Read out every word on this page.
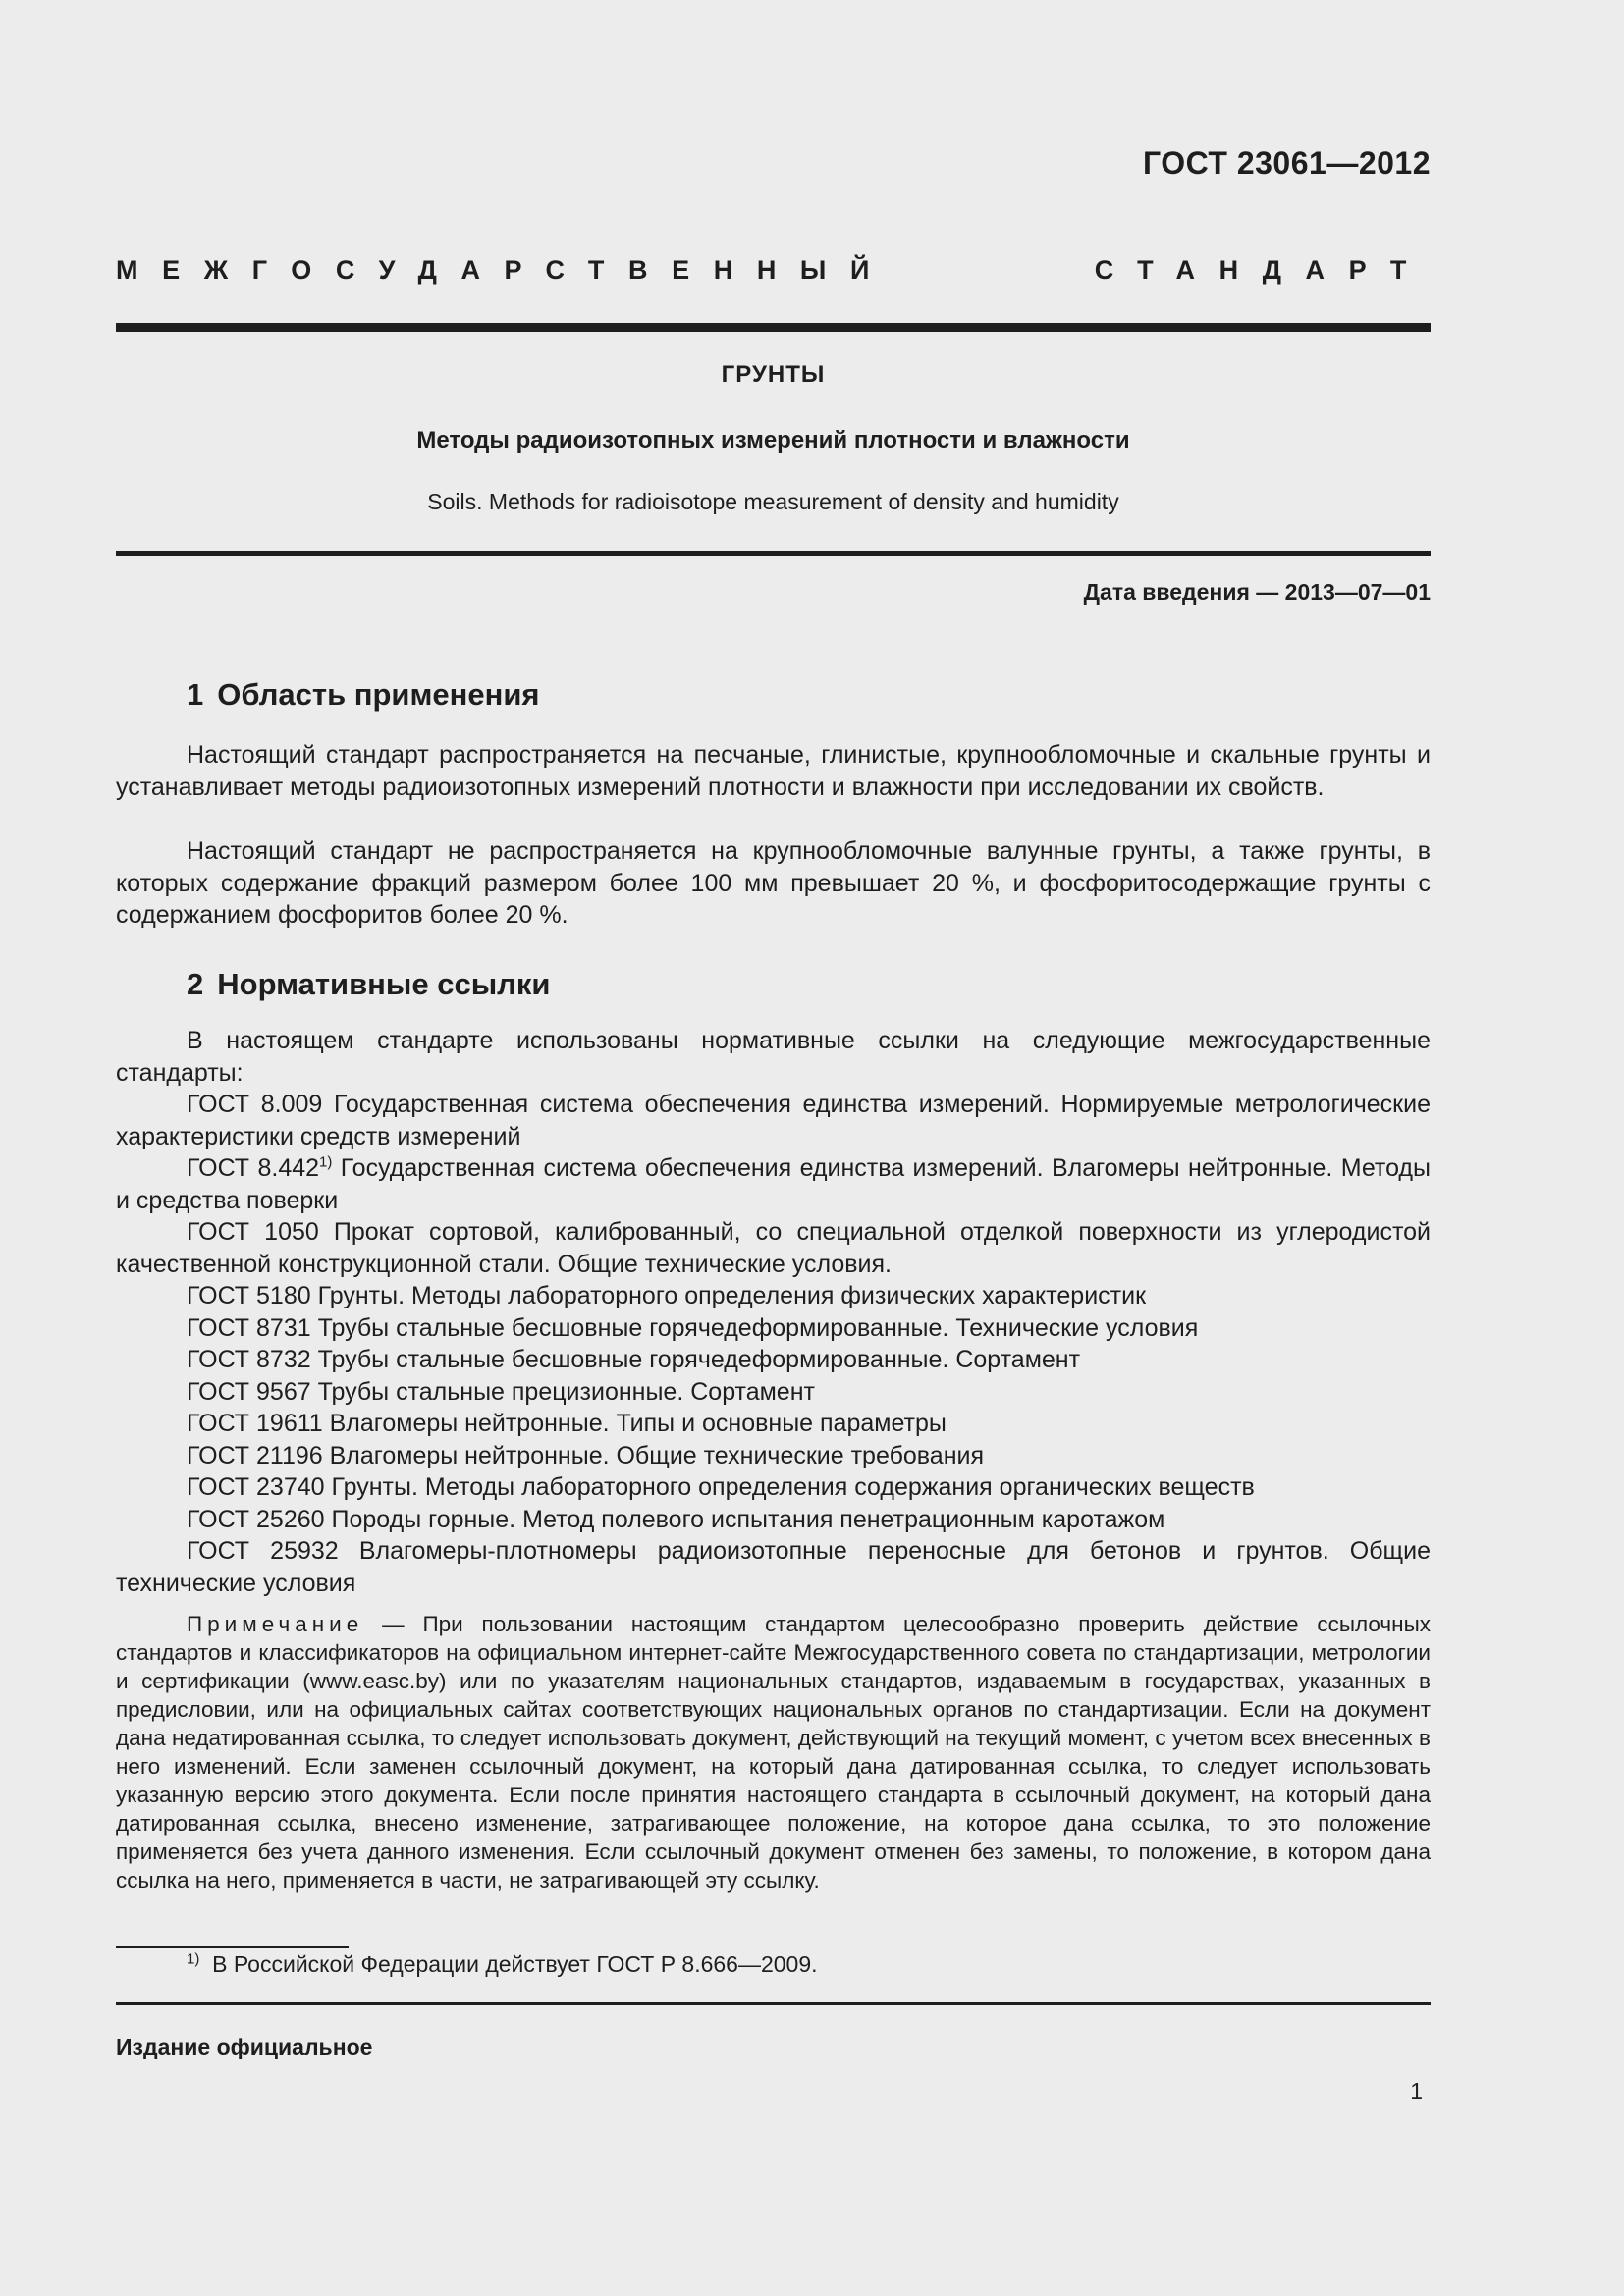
ГОСТ 23061—2012
МЕЖГОСУДАРСТВЕННЫЙ СТАНДАРТ
ГРУНТЫ
Методы радиоизотопных измерений плотности и влажности
Soils. Methods for radioisotope measurement of density and humidity
Дата введения — 2013—07—01
1 Область применения
Настоящий стандарт распространяется на песчаные, глинистые, крупнообломочные и скальные грунты и устанавливает методы радиоизотопных измерений плотности и влажности при исследовании их свойств.
Настоящий стандарт не распространяется на крупнообломочные валунные грунты, а также грунты, в которых содержание фракций размером более 100 мм превышает 20 %, и фосфоритосодержащие грунты с содержанием фосфоритов более 20 %.
2 Нормативные ссылки

В настоящем стандарте использованы нормативные ссылки на следующие межгосударственные стандарты:

ГОСТ 8.009 Государственная система обеспечения единства измерений. Нормируемые метрологические характеристики средств измерений

ГОСТ 8.442$^{1)}$ Государственная система обеспечения единства измерений. Влагомеры нейтронные. Методы и средства поверки

ГОСТ 1050 Прокат сортовой, калиброванный, со специальной отделкой поверхности из углеродистой качественной конструкционной стали. Общие технические условия.

ГОСТ 5180 Грунты. Методы лабораторного определения физических характеристик

ГОСТ 8731 Трубы стальные бесшовные горячедеформированные. Технические условия

ГОСТ 8732 Трубы стальные бесшовные горячедеформированные. Сортамент

ГОСТ 9567 Трубы стальные прецизионные. Сортамент

ГОСТ 19611 Влагомеры нейтронные. Типы и основные параметры

ГОСТ 21196 Влагомеры нейтронные. Общие технические требования

ГОСТ 23740 Грунты. Методы лабораторного определения содержания органических веществ

ГОСТ 25260 Породы горные. Метод полевого испытания пенетрационным каротажом

ГОСТ 25932 Влагомеры-плотномеры радиоизотопные переносные для бетонов и грунтов. Общие технические условия

Примечание — При пользовании настоящим стандартом целесообразно проверить действие ссылочных стандартов и классификаторов на официальном интернет-сайте Межгосударственного совета по стандартизации, метрологии и сертификации (www.easc.by) или по указателям национальных стандартов, издаваемым в государствах, указанных в предисловии, или на официальных сайтах соответствующих национальных органов по стандартизации. Если на документ дана недатированная ссылка, то следует использовать документ, действующий на текущий момент, с учетом всех внесенных в него изменений. Если заменен ссылочный документ, на который дана датированная ссылка, то следует использовать указанную версию этого документа. Если после принятия настоящего стандарта в ссылочный документ, на который дана датированная ссылка, внесено изменение, затрагивающее положение, на которое дана ссылка, то это положение применяется без учета данного изменения. Если ссылочный документ отменен без замены, то положение, в котором дана ссылка на него, применяется в части, не затрагивающей эту ссылку.
$^{1)}$ В Российской Федерации действует ГОСТ Р 8.666—2009.
Издание официальное
1
